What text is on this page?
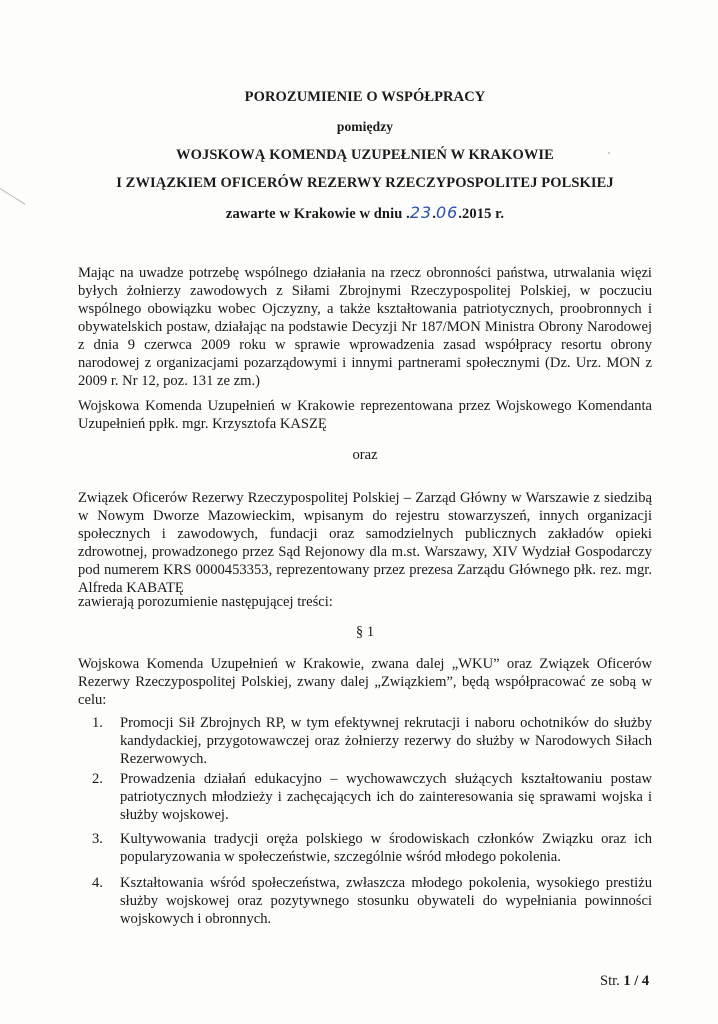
POROZUMIENIE O WSPÓŁPRACY
pomiędzy
WOJSKOWĄ KOMENDĄ UZUPEŁNIEŃ W KRAKOWIE
I ZWIĄZKIEM OFICERÓW REZERWY RZECZYPOSPOLITEJ POLSKIEJ
zawarte w Krakowie w dniu .23.06.2015 r.
Mając na uwadze potrzebę wspólnego działania na rzecz obronności państwa, utrwalania więzi byłych żołnierzy zawodowych z Siłami Zbrojnymi Rzeczypospolitej Polskiej, w poczuciu wspólnego obowiązku wobec Ojczyzny, a także kształtowania patriotycznych, proobronnych i obywatelskich postaw, działając na podstawie Decyzji Nr 187/MON Ministra Obrony Narodowej z dnia 9 czerwca 2009 roku w sprawie wprowadzenia zasad współpracy resortu obrony narodowej z organizacjami pozarządowymi i innymi partnerami społecznymi (Dz. Urz. MON z 2009 r. Nr 12, poz. 131 ze zm.)
Wojskowa Komenda Uzupełnień w Krakowie reprezentowana przez Wojskowego Komendanta Uzupełnień ppłk. mgr. Krzysztofa KASZĘ
oraz
Związek Oficerów Rezerwy Rzeczypospolitej Polskiej – Zarząd Główny w Warszawie z siedzibą w Nowym Dworze Mazowieckim, wpisanym do rejestru stowarzyszeń, innych organizacji społecznych i zawodowych, fundacji oraz samodzielnych publicznych zakładów opieki zdrowotnej, prowadzonego przez Sąd Rejonowy dla m.st. Warszawy, XIV Wydział Gospodarczy pod numerem KRS 0000453353, reprezentowany przez prezesa Zarządu Głównego płk. rez. mgr. Alfreda KABATĘ
zawierają porozumienie następującej treści:
§ 1
Wojskowa Komenda Uzupełnień w Krakowie, zwana dalej „WKU” oraz Związek Oficerów Rezerwy Rzeczypospolitej Polskiej, zwany dalej „Związkiem”, będą współpracować ze sobą w celu:
1.	Promocji Sił Zbrojnych RP, w tym efektywnej rekrutacji i naboru ochotników do służby kandydackiej, przygotowawczej oraz żołnierzy rezerwy do służby w Narodowych Siłach Rezerwowych.
2.	Prowadzenia działań edukacyjno – wychowawczych służących kształtowaniu postaw patriotycznych młodzieży i zachęcających ich do zainteresowania się sprawami wojska i służby wojskowej.
3.	Kultywowania tradycji oręża polskiego w środowiskach członków Związku oraz ich popularyzowania w społeczeństwie, szczególnie wśród młodego pokolenia.
4.	Kształtowania wśród społeczeństwa, zwłaszcza młodego pokolenia, wysokiego prestiżu służby wojskowej oraz pozytywnego stosunku obywateli do wypełniania powinności wojskowych i obronnych.
Str. 1 / 4
